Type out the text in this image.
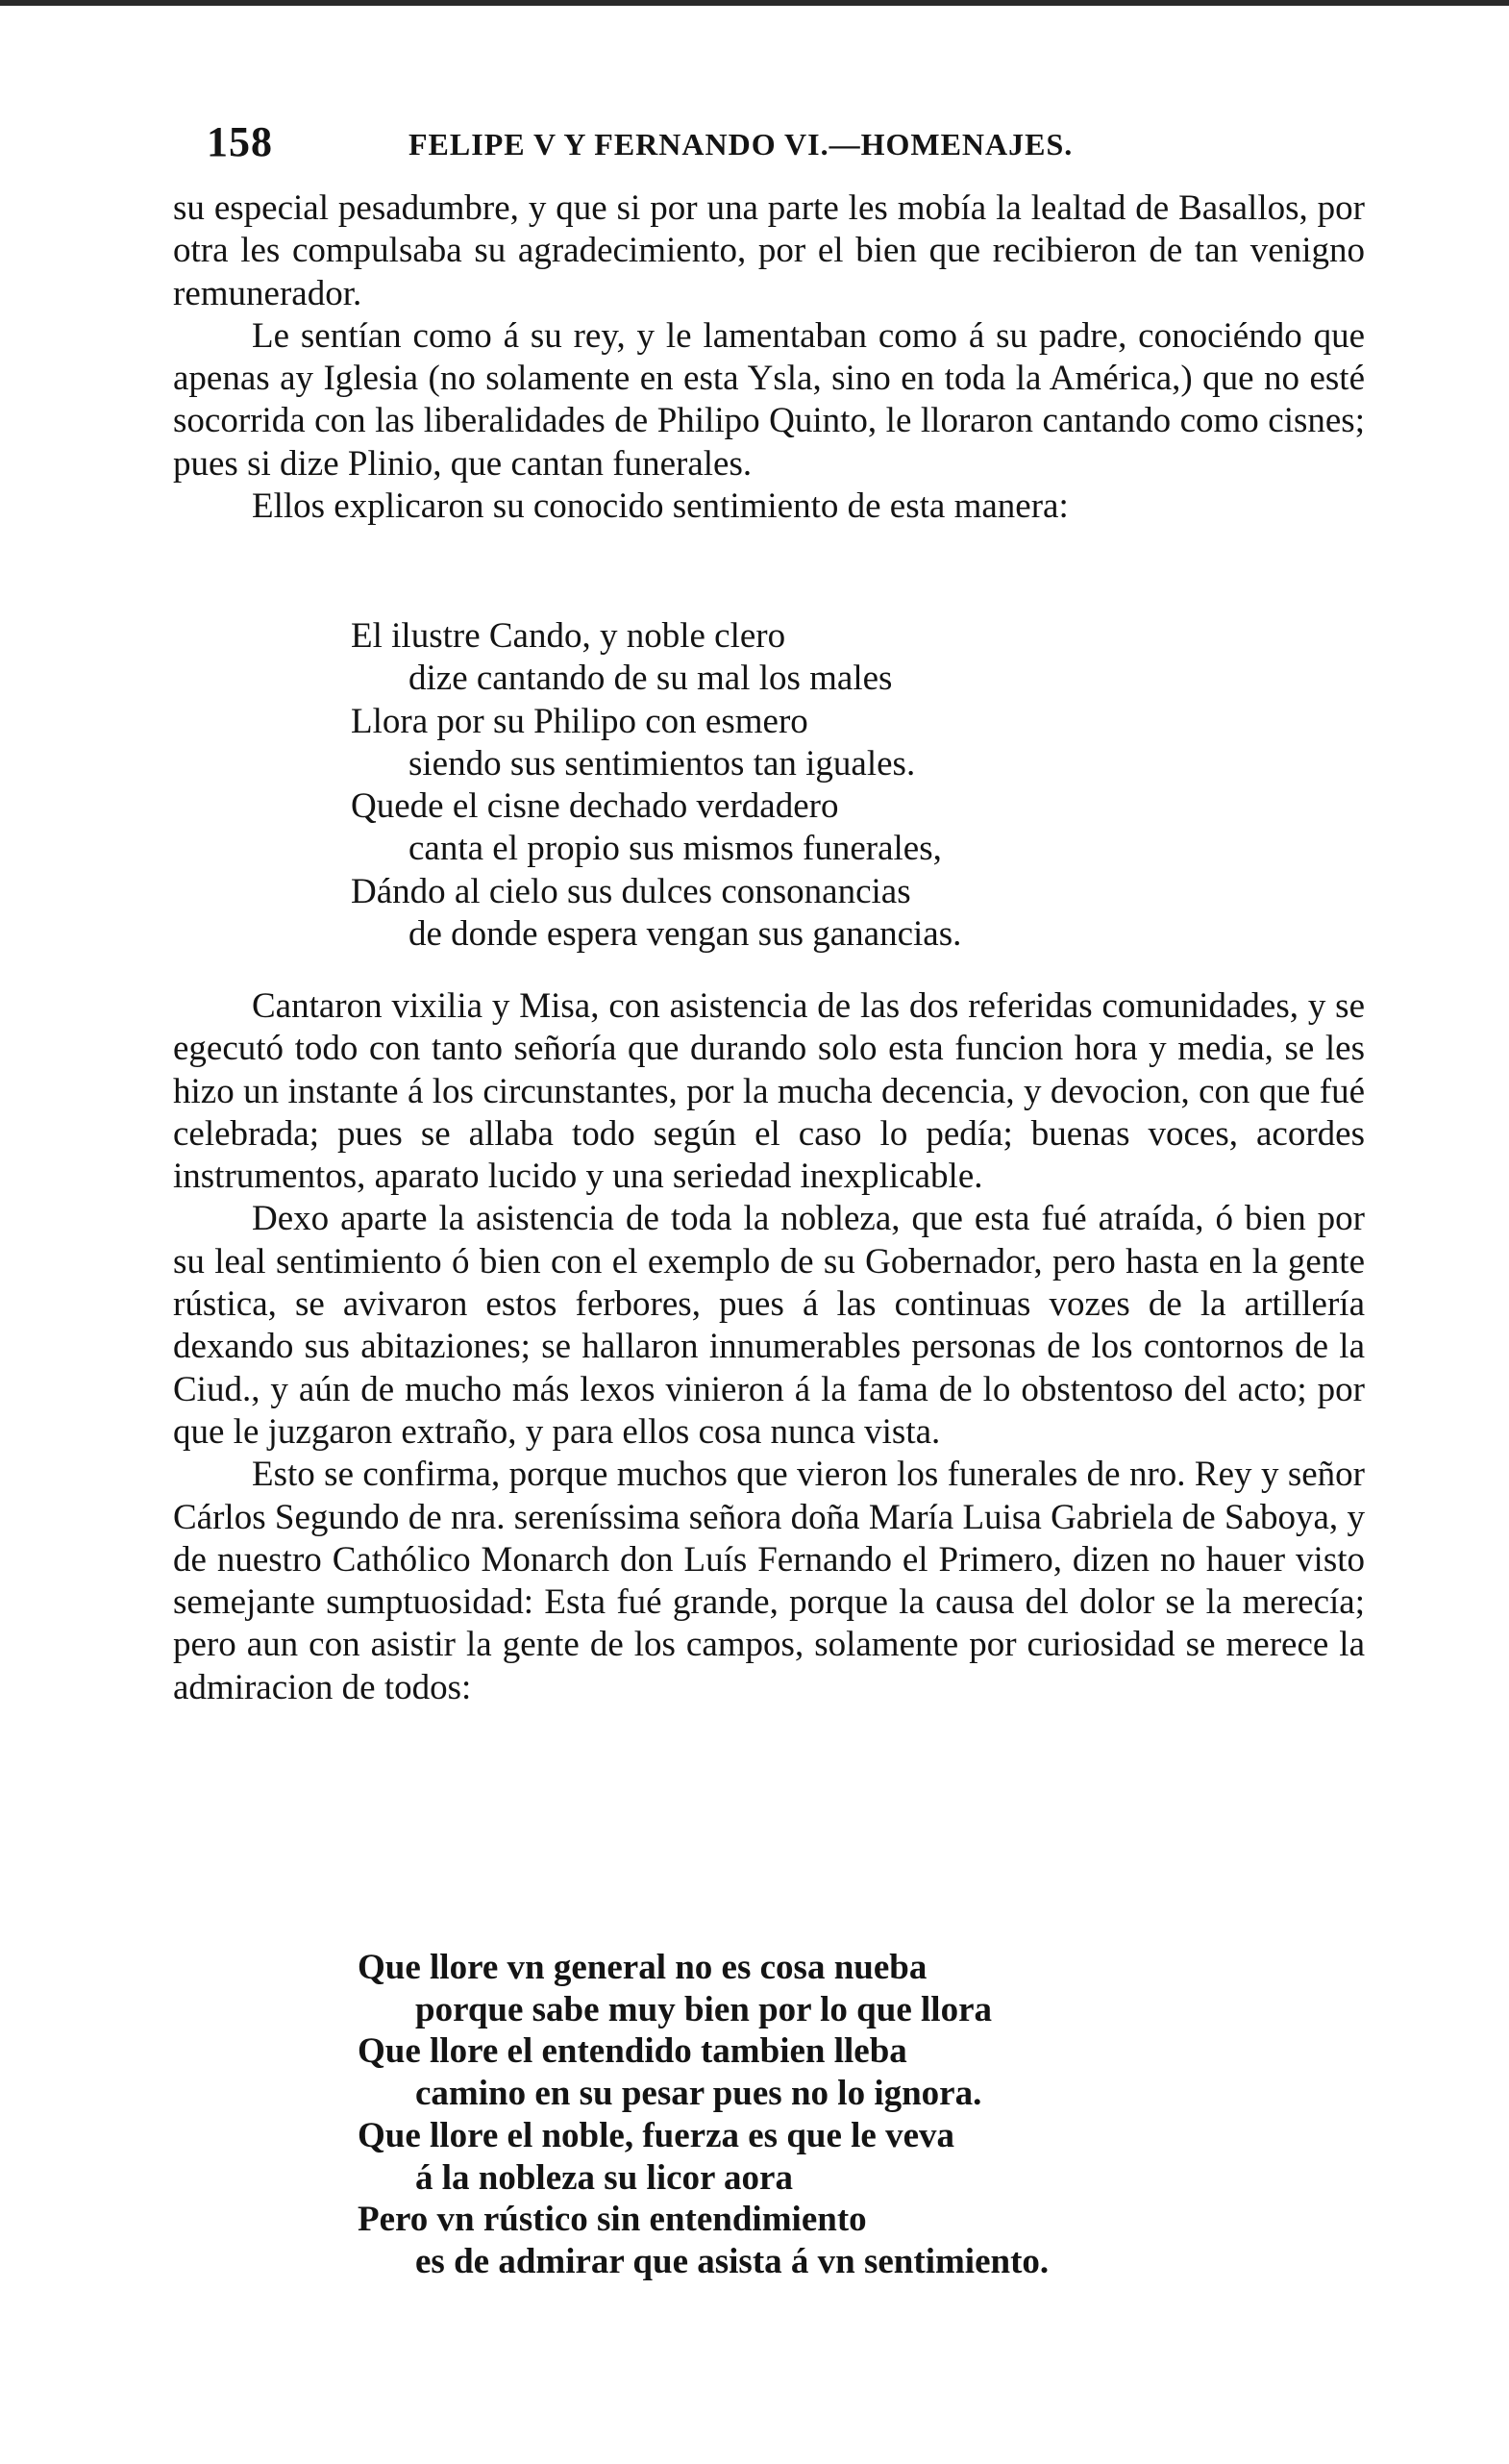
158	FELIPE V Y FERNANDO VI.—HOMENAJES.

su especial pesadumbre, y que si por una parte les mobía la lealtad de Basallos, por otra les compulsaba su agradecimiento, por el bien que recibieron de tan venigno remunerador.

Le sentían como á su rey, y le lamentaban como á su padre, conociéndo que apenas ay Iglesia (no solamente en esta Ysla, sino en toda la América,) que no esté socorrida con las liberalidades de Philipo Quinto, le lloraron cantando como cisnes; pues si dize Plinio, que cantan funerales.

Ellos explicaron su conocido sentimiento de esta manera:

El ilustre Cando, y noble clero
dize cantando de su mal los males
Llora por su Philipo con esmero
siendo sus sentimientos tan iguales.
Quede el cisne dechado verdadero
canta el propio sus mismos funerales,
Dándo al cielo sus dulces consonancias
de donde espera vengan sus ganancias.

Cantaron vixilia y Misa, con asistencia de las dos referidas comunidades, y se egecutó todo con tanto señoría que durando solo esta funcion hora y media, se les hizo un instante á los circunstantes, por la mucha decencia, y devocion, con que fué celebrada; pues se allaba todo según el caso lo pedía; buenas voces, acordes instrumentos, aparato lucido y una seriedad inexplicable.

Dexo aparte la asistencia de toda la nobleza, que esta fué atraída, ó bien por su leal sentimiento ó bien con el exemplo de su Gobernador, pero hasta en la gente rústica, se avivaron estos ferbores, pues á las continuas vozes de la artillería dexando sus abitaziones; se hallaron innumerables personas de los contornos de la Ciud., y aún de mucho más lexos vinieron á la fama de lo obstentoso del acto; por que le juzgaron extraño, y para ellos cosa nunca vista.

Esto se confirma, porque muchos que vieron los funerales de nro. Rey y señor Cárlos Segundo de nra. sereníssima señora doña María Luisa Gabriela de Saboya, y de nuestro Cathólico Monarch don Luís Fernando el Primero, dizen no hauer visto semejante sumptuosidad: Esta fué grande, porque la causa del dolor se la merecía; pero aun con asistir la gente de los campos, solamente por curiosidad se merece la admiracion de todos:

Que llore vn general no es cosa nueba
porque sabe muy bien por lo que llora
Que llore el entendido tambien lleba
camino en su pesar pues no lo ignora.
Que llore el noble, fuerza es que le veva
á la nobleza su licor aora
Pero vn rústico sin entendimiento
es de admirar que asista á vn sentimiento.
